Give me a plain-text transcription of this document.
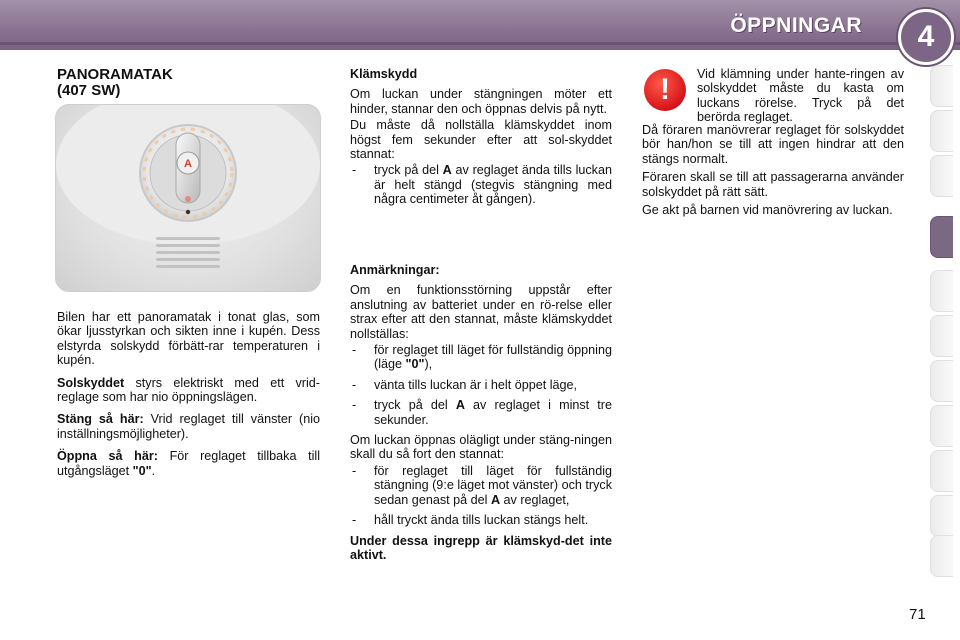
ÖPPNINGAR	4

PANORAMATAK

(407 SW)

A

Bilen har ett panoramatak i tonat glas, som ökar ljusstyrkan och sikten inne i kupén. Dess elstyrda solskydd förbätt-rar temperaturen i kupén.

Solskyddet styrs elektriskt med ett vrid-reglage som har nio öppningslägen.

Stäng så här: Vrid reglaget till vänster (nio inställningsmöjligheter).

Öppna så här: För reglaget tillbaka till utgångsläget "0".

Klämskydd

Om luckan under stängningen möter ett hinder, stannar den och öppnas delvis på nytt.

Du måste då nollställa klämskyddet inom högst fem sekunder efter att sol-skyddet stannat:

- tryck på del A av reglaget ända tills luckan är helt stängd (stegvis stängning med några centimeter åt gången).

Anmärkningar:

Om en funktionsstörning uppstår efter anslutning av batteriet under en rö-relse eller strax efter att den stannat, måste klämskyddet nollställas:

- för reglaget till läget för fullständig öppning (läge "0"),
- vänta tills luckan är i helt öppet läge,
- tryck på del A av reglaget i minst tre sekunder.

Om luckan öppnas olägligt under stäng-ningen skall du så fort den stannat:

- för reglaget till läget för fullständig stängning (9:e läget mot vänster) och tryck sedan genast på del A av reglaget,
- håll tryckt ända tills luckan stängs helt.

Under dessa ingrepp är klämskyd-det inte aktivt.

!	Vid klämning under hante-ringen av solskyddet måste du kasta om luckans rörelse. Tryck på det berörda reglaget.

Då föraren manövrerar reglaget för solskyddet bör han/hon se till att ingen hindrar att den stängs normalt.

Föraren skall se till att passagerarna använder solskyddet på rätt sätt.

Ge akt på barnen vid manövrering av luckan.

71
